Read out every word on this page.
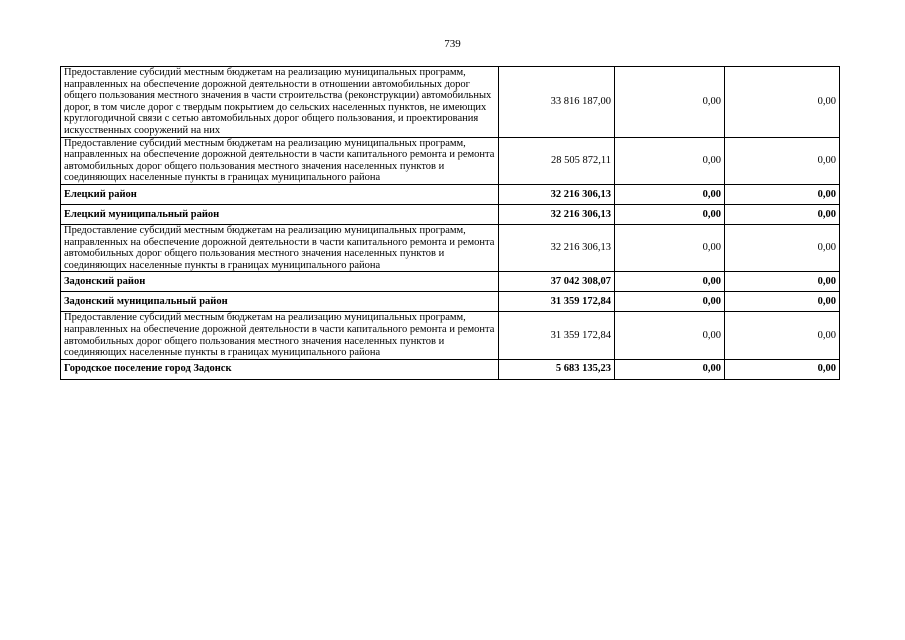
739
Предоставление субсидий местным бюджетам на реализацию муниципальных программ, направленных на обеспечение дорожной деятельности в отношении автомобильных дорог общего пользования местного значения в части строительства (реконструкции) автомобильных дорог, в том числе дорог с твердым покрытием до сельских населенных пунктов, не имеющих круглогодичной связи с сетью автомобильных дорог общего пользования, и проектирования искусственных сооружений на них	33 816 187,00	0,00	0,00
Предоставление субсидий местным бюджетам на реализацию муниципальных программ, направленных на обеспечение дорожной деятельности в части капитального ремонта и ремонта автомобильных дорог общего пользования местного значения населенных пунктов и соединяющих населенные пункты в границах муниципального района	28 505 872,11	0,00	0,00
Елецкий район	32 216 306,13	0,00	0,00
Елецкий муниципальный район	32 216 306,13	0,00	0,00
Предоставление субсидий местным бюджетам на реализацию муниципальных программ, направленных на обеспечение дорожной деятельности в части капитального ремонта и ремонта автомобильных дорог общего пользования местного значения населенных пунктов и соединяющих населенные пункты в границах муниципального района	32 216 306,13	0,00	0,00
Задонский район	37 042 308,07	0,00	0,00
Задонский муниципальный район	31 359 172,84	0,00	0,00
Предоставление субсидий местным бюджетам на реализацию муниципальных программ, направленных на обеспечение дорожной деятельности в части капитального ремонта и ремонта автомобильных дорог общего пользования местного значения населенных пунктов и соединяющих населенные пункты в границах муниципального района	31 359 172,84	0,00	0,00
Городское поселение город Задонск	5 683 135,23	0,00	0,00
